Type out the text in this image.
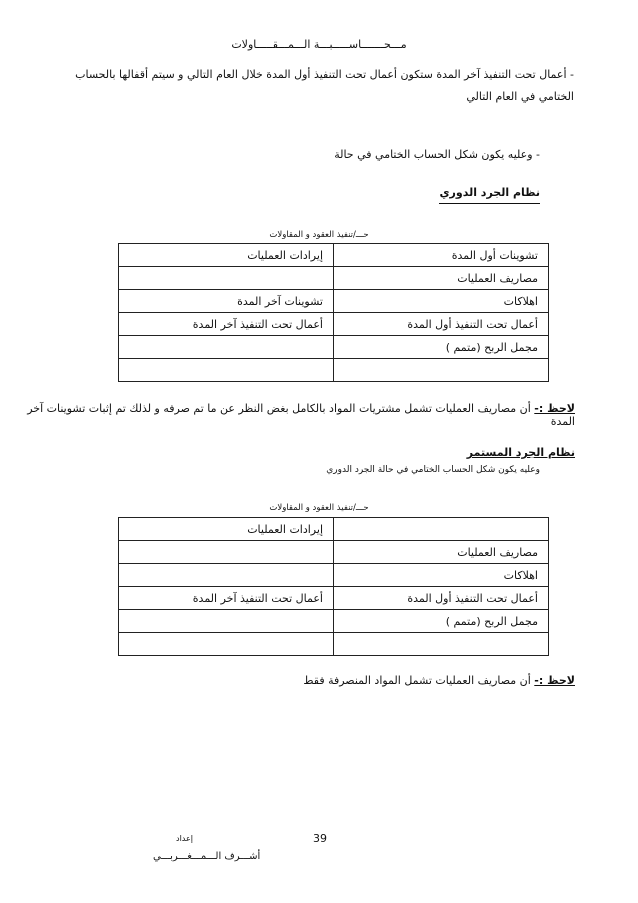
مـــحـــــــاســـــبـــة الـــمـــقـــــاولات
- أعمال تحت التنفيذ آخر المدة ستكون أعمال تحت التنفيذ أول المدة خلال العام التالي و سيتم أقفالها بالحساب الختامي في العام التالي
- وعليه يكون شكل الحساب الختامي في حالة
نظام الجرد الدوري
حـــ/تنفيذ العقود و المقاولات
تشوينات أول المدة	إيرادات العمليات
مصاريف العمليات	
اهلاكات	تشوينات آخر المدة
أعمال تحت التنفيذ أول المدة	أعمال تحت التنفيذ آخر المدة
مجمل الربح (متمم )	

لاحظ :- أن مصاريف العمليات تشمل مشتريات المواد بالكامل بغض النظر عن ما تم صرفه و لذلك تم إثبات تشوينات آخر المدة
نظام الجرد المستمر
وعليه يكون شكل الحساب الختامي في حالة الجرد الدوري
حـــ/تنفيذ العقود و المقاولات
	إيرادات العمليات
مصاريف العمليات	
اهلاكات	
أعمال تحت التنفيذ أول المدة	أعمال تحت التنفيذ آخر المدة
مجمل الربح (متمم )	

لاحظ :- أن مصاريف العمليات تشمل المواد المنصرفة فقط
39
إعداد
أشـــرف الـــمـــغـــربـــي
